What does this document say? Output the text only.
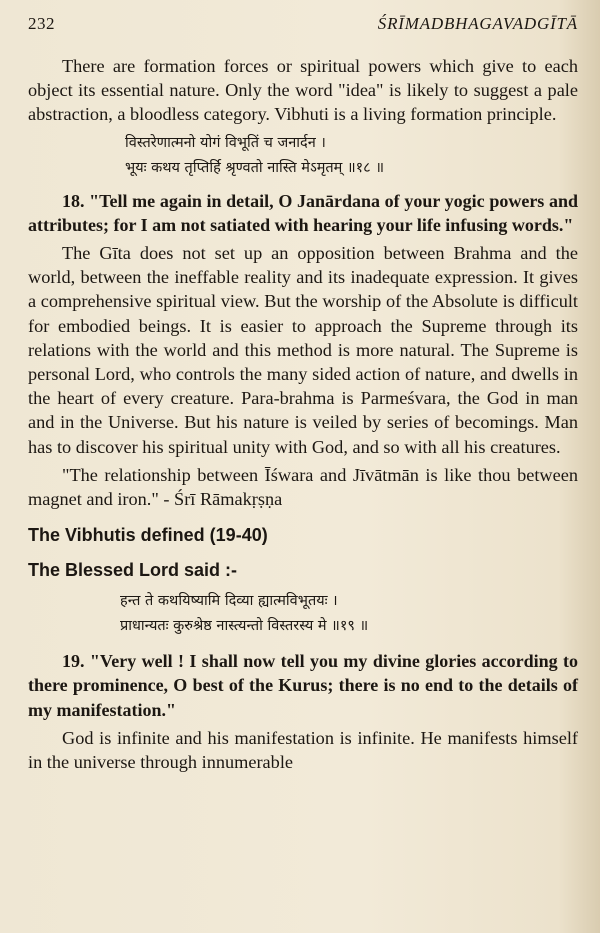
232	ŚRĪMADBHAGAVADGĪTĀ

There are formation forces or spiritual powers which give to each object its essential nature. Only the word "idea" is likely to suggest a pale abstraction, a bloodless category. Vibhuti is a living formation principle.

विस्तरेणात्मनो योगं विभूतिं च जनार्दन ।
भूयः कथय तृप्तिर्हि श्रृण्वतो नास्ति मेऽमृतम् ॥१८ ॥

18. "Tell me again in detail, O Janārdana of your yogic powers and attributes; for I am not satiated with hearing your life infusing words."

The Gīta does not set up an opposition between Brahma and the world, between the ineffable reality and its inadequate expression. It gives a comprehensive spiritual view. But the worship of the Absolute is difficult for embodied beings. It is easier to approach the Supreme through its relations with the world and this method is more natural. The Supreme is personal Lord, who controls the many sided action of nature, and dwells in the heart of every creature. Para-brahma is Parmeśvara, the God in man and in the Universe. But his nature is veiled by series of becomings. Man has to discover his spiritual unity with God, and so with all his creatures.

"The relationship between Īśwara and Jīvātmān is like thou between magnet and iron." - Śrī Rāmakṛṣṇa

The Vibhutis defined (19-40)
The Blessed Lord said :-
हन्त ते कथयिष्यामि दिव्या ह्यात्मविभूतयः ।
प्राधान्यतः कुरुश्रेष्ठ नास्त्यन्तो विस्तरस्य मे ॥१९ ॥

19. "Very well ! I shall now tell you my divine glories according to there prominence, O best of the Kurus; there is no end to the details of my manifestation."

God is infinite and his manifestation is infinite. He manifests himself in the universe through innumerable
